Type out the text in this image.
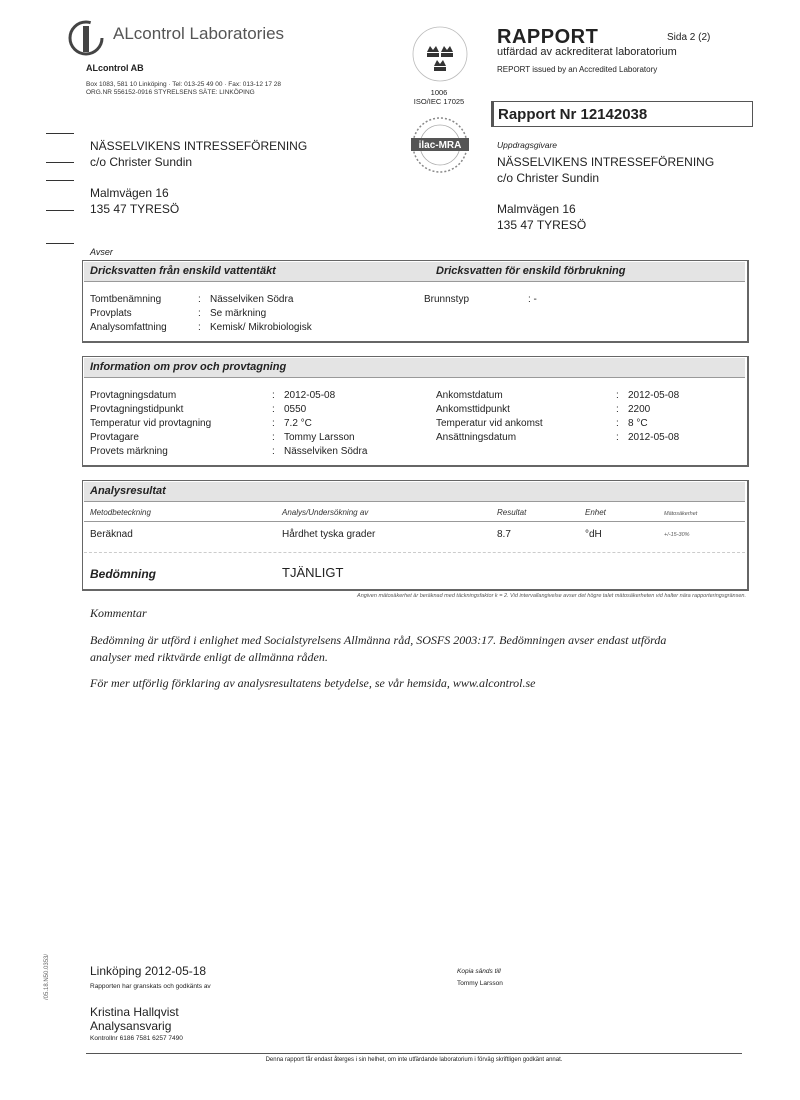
ALcontrol Laboratories
ALcontrol AB
Box 1083, 581 10 Linköping · Tel: 013-25 49 00 · Fax: 013-12 17 28
ORG.NR 556152-0916 STYRELSENS SÄTE: LINKÖPING	1006
ISO/IEC 17025
ilac-MRA
RAPPORT	Sida 2 (2)
utfärdad av ackrediterat laboratorium
REPORT issued by an Accredited Laboratory
Rapport Nr 12142038
NÄSSELVIKENS INTRESSEFÖRENING
c/o Christer Sundin
Malmvägen 16
135 47 TYRESÖ
Uppdragsgivare
NÄSSELVIKENS INTRESSEFÖRENING
c/o Christer Sundin
Malmvägen 16
135 47 TYRESÖ
Avser
Dricksvatten från enskild vattentäkt	Dricksvatten för enskild förbrukning
Tomtbenämning	: Nässelviken Södra
Provplats	: Se märkning
Analysomfattning	: Kemisk/ Mikrobiologisk
Brunnstyp	: -
Information om prov och provtagning
Provtagningsdatum	: 2012-05-08
Provtagningstidpunkt	: 0550
Temperatur vid provtagning	: 7.2 °C
Provtagare	: Tommy Larsson
Provets märkning	: Nässelviken Södra
Ankomstdatum	: 2012-05-08
Ankomsttidpunkt	: 2200
Temperatur vid ankomst	: 8 °C
Ansättningsdatum	: 2012-05-08
Analysresultat
Metodbeteckning	Analys/Undersökning av	Resultat	Enhet	Mätosäkerhet
Beräknad	Hårdhet tyska grader	8.7	°dH	+/-15-30%
Bedömning	TJÄNLIGT
Angiven mätosäkerhet är beräknad med täckningsfaktor k = 2. Vid intervallangivelse avser det högre talet mätosäkerheten vid halter nära rapporteringsgränsen.
Kommentar
Bedömning är utförd i enlighet med Socialstyrelsens Allmänna råd, SOSFS 2003:17. Bedömningen avser endast utförda analyser med riktvärde enligt de allmänna råden.
För mer utförlig förklaring av analysresultatens betydelse, se vår hemsida, www.alcontrol.se
Linköping 2012-05-18
Rapporten har granskats och godkänts av
Kopia sänds till
Tommy Larsson
Kristina Hallqvist
Analysansvarig
Kontrollnr 6186 7581 6257 7490
Denna rapport får endast återges i sin helhet, om inte utfärdande laboratorium i förväg skriftligen godkänt annat.
/05.18.N50.0353/
